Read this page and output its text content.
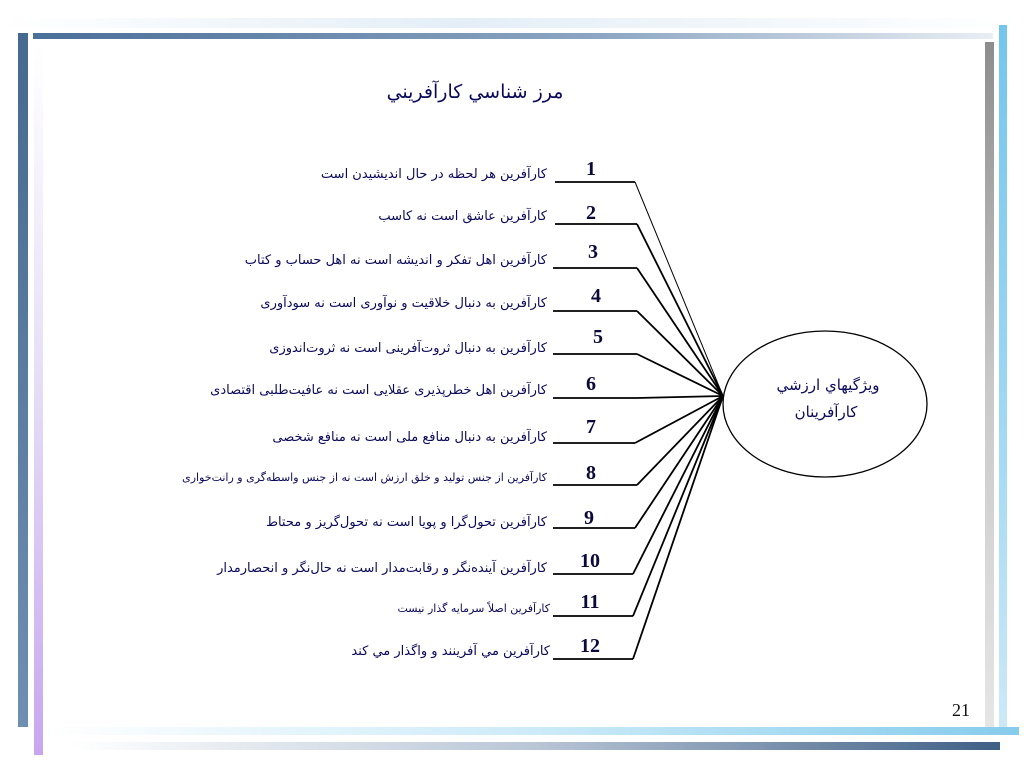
مرز شناسي كارآفريني
1
كارآفرين هر لحظه در حال انديشيدن است
2
كارآفرين عاشق است نه كاسب
3
كارآفرين اهل تفكر و انديشه است نه اهل حساب و كتاب
4
كارآفرين به دنبال خلاقيت و نوآوری است نه سودآوری
5
كارآفرين به دنبال ثروت‌آفرينی است نه ثروت‌اندوزی
6
كارآفرين اهل خطرپذيری عقلايی است نه عافيت‌طلبی اقتصادی
7
كارآفرين به دنبال منافع ملی است نه منافع شخصی
8
كارآفرين از جنس توليد و خلق ارزش است نه از جنس واسطه‌گری و رانت‌خواری
9
كارآفرين تحول‌گرا و پويا است نه تحول‌گريز و محتاط
10
كارآفرين آينده‌نگر و رقابت‌مدار است نه حال‌نگر و انحصارمدار
11
كارآفرين اصلاً سرمايه گذار نيست
12
كارآفرين مي آفرينند و واگذار مي كند
ويژگيهاي ارزشي
كارآفرينان
21
